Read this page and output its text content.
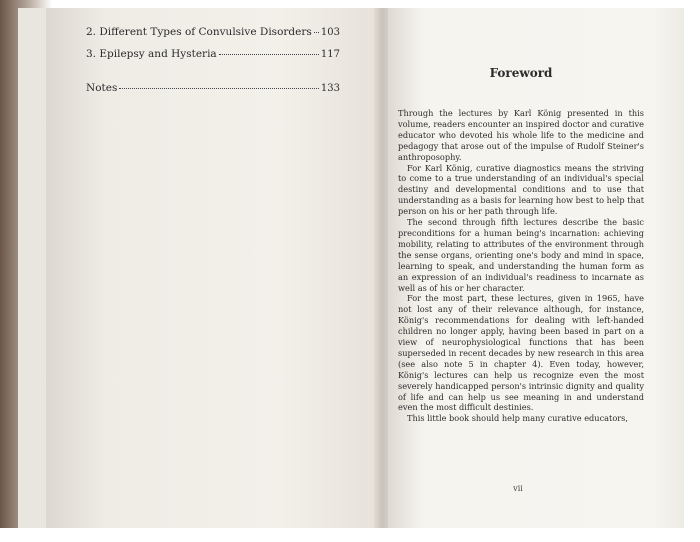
2. Different Types of Convulsive Disorders 103
3. Epilepsy and Hysteria	117
Notes	133
Foreword

Through the lectures by Karl König presented in this volume, readers encounter an inspired doctor and curative educator who devoted his whole life to the medicine and pedagogy that arose out of the impulse of Rudolf Steiner's anthroposophy.

For Karl König, curative diagnostics means the striving to come to a true understanding of an individual's special destiny and developmental conditions and to use that understanding as a basis for learning how best to help that person on his or her path through life.

The second through fifth lectures describe the basic preconditions for a human being's incarnation: achieving mobility, relating to attributes of the environment through the sense organs, orienting one's body and mind in space, learning to speak, and understanding the human form as an expression of an individual's readiness to incarnate as well as of his or her character.

For the most part, these lectures, given in 1965, have not lost any of their relevance although, for instance, König's recommendations for dealing with left-handed children no longer apply, having been based in part on a view of neurophysiological functions that has been superseded in recent decades by new research in this area (see also note 5 in chapter 4). Even today, however, König's lectures can help us recognize even the most severely handicapped person's intrinsic dignity and quality of life and can help us see meaning in and understand even the most difficult destinies.

This little book should help many curative educators,

vii
